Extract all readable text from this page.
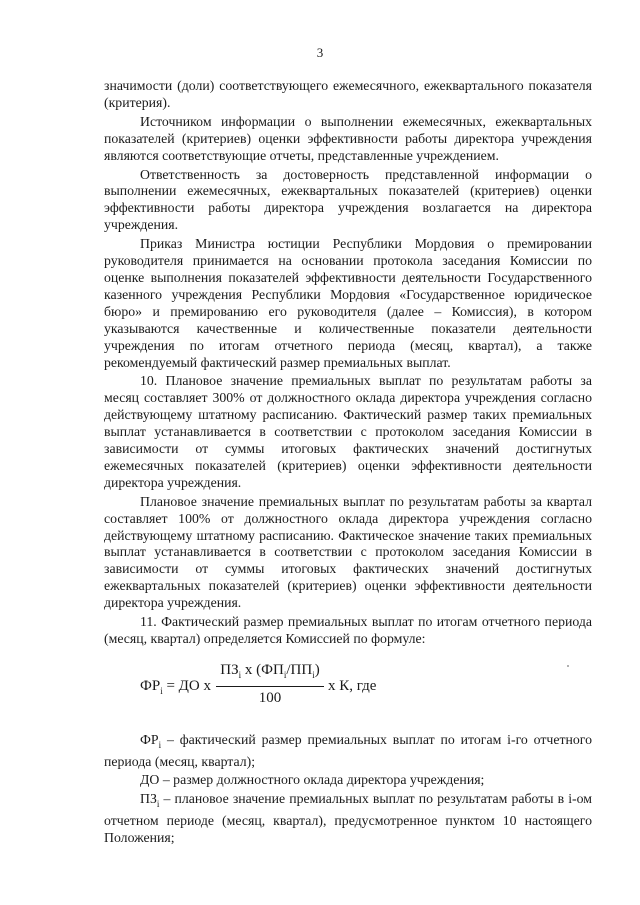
3

значимости (доли) соответствующего ежемесячного, ежеквартального показателя (критерия).

Источником информации о выполнении ежемесячных, ежеквартальных показателей (критериев) оценки эффективности работы директора учреждения являются соответствующие отчеты, представленные учреждением.

Ответственность за достоверность представленной информации о выполнении ежемесячных, ежеквартальных показателей (критериев) оценки эффективности работы директора учреждения возлагается на директора учреждения.

Приказ Министра юстиции Республики Мордовия о премировании руководителя принимается на основании протокола заседания Комиссии по оценке выполнения показателей эффективности деятельности Государственного казенного учреждения Республики Мордовия «Государственное юридическое бюро» и премированию его руководителя (далее – Комиссия), в котором указываются качественные и количественные показатели деятельности учреждения по итогам отчетного периода (месяц, квартал), а также рекомендуемый фактический размер премиальных выплат.

10. Плановое значение премиальных выплат по результатам работы за месяц составляет 300% от должностного оклада директора учреждения согласно действующему штатному расписанию. Фактический размер таких премиальных выплат устанавливается в соответствии с протоколом заседания Комиссии в зависимости от суммы итоговых фактических значений достигнутых ежемесячных показателей (критериев) оценки эффективности деятельности директора учреждения.

Плановое значение премиальных выплат по результатам работы за квартал составляет 100% от должностного оклада директора учреждения согласно действующему штатному расписанию. Фактическое значение таких премиальных выплат устанавливается в соответствии с протоколом заседания Комиссии в зависимости от суммы итоговых фактических значений достигнутых ежеквартальных показателей (критериев) оценки эффективности деятельности директора учреждения.

11. Фактический размер премиальных выплат по итогам отчетного периода (месяц, квартал) определяется Комиссией по формуле:

$ФР_i$ = ДО x
$ПЗ_i$ x $(ФП_i/ПП_i)$
100
x К, где

$ФР_i$ – фактический размер премиальных выплат по итогам i-го отчетного периода (месяц, квартал);

ДО – размер должностного оклада директора учреждения;

$ПЗ_i$ – плановое значение премиальных выплат по результатам работы в i-ом отчетном периоде (месяц, квартал), предусмотренное пунктом 10 настоящего Положения;
